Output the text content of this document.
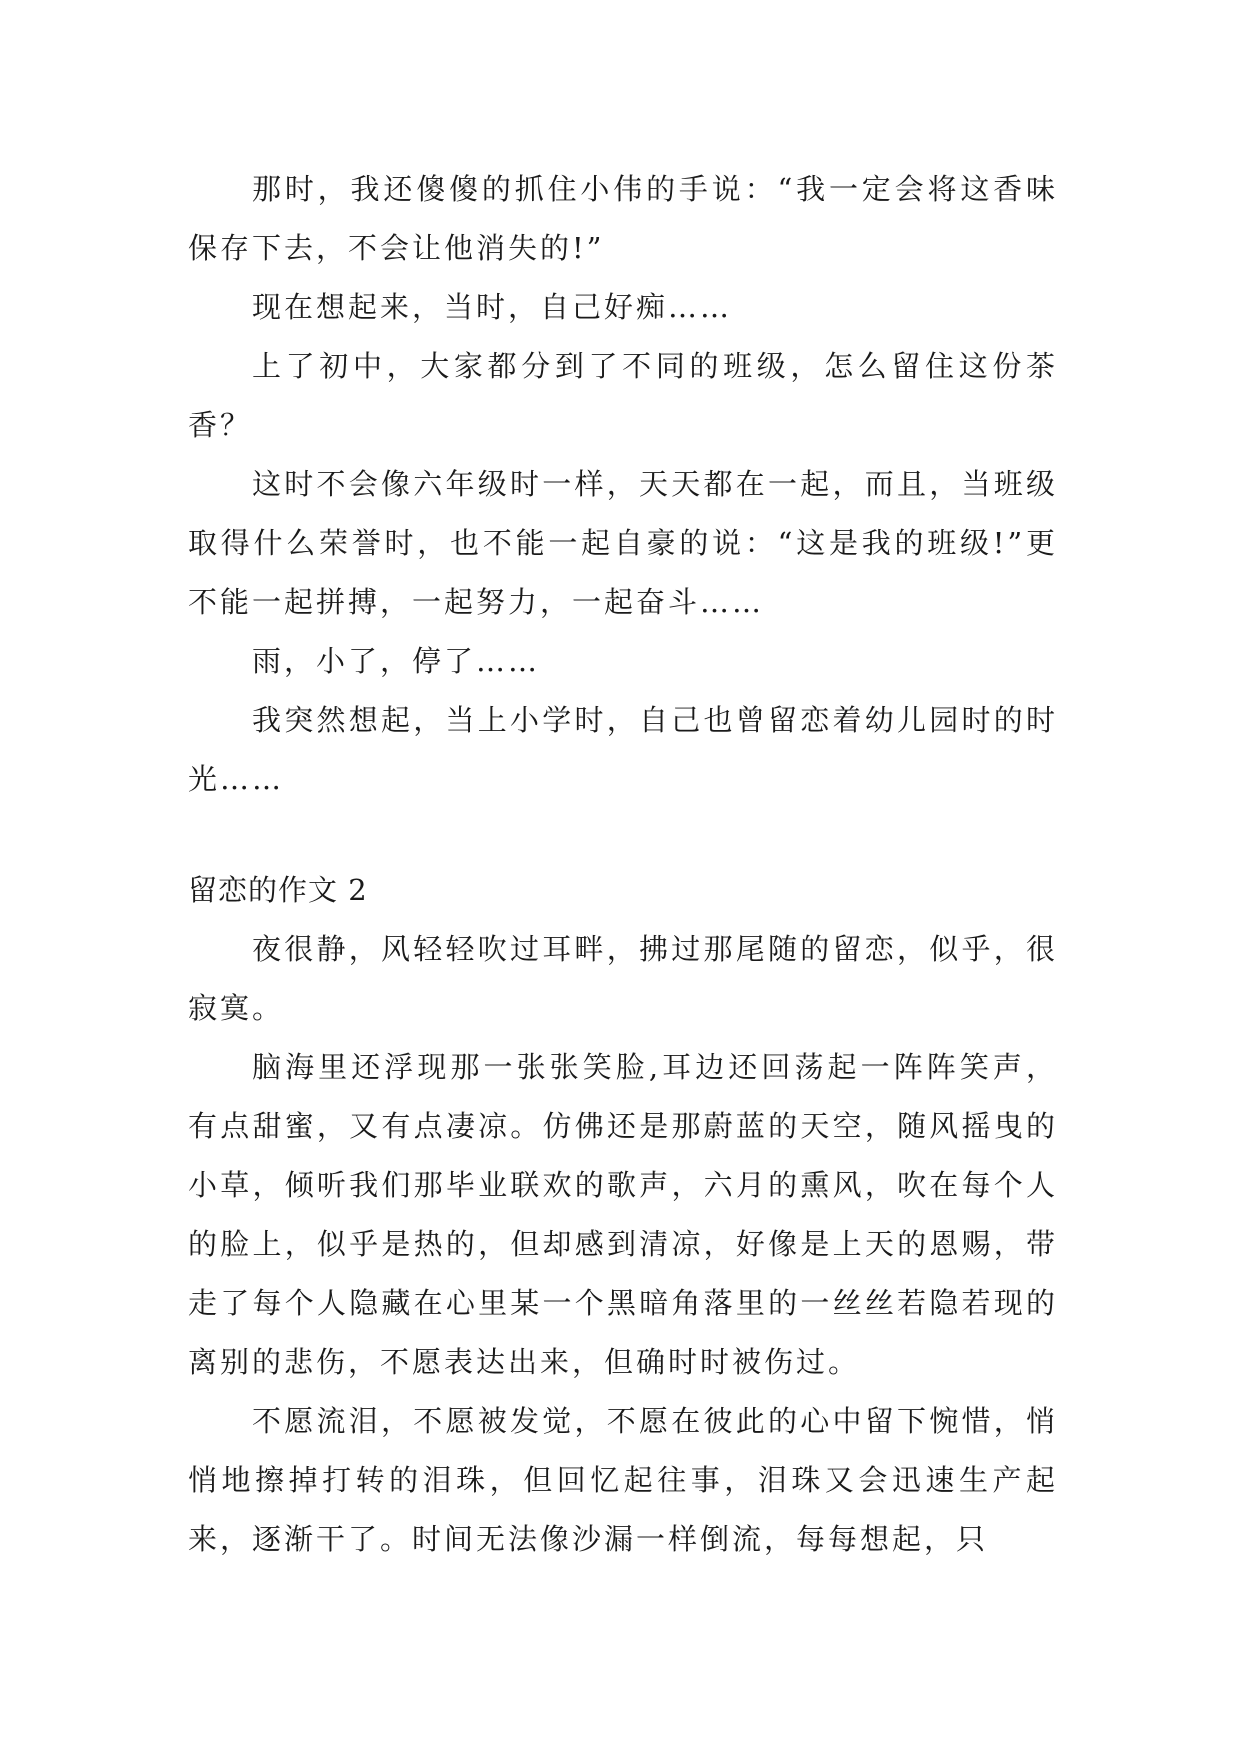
那时，我还傻傻的抓住小伟的手说：“我一定会将这香味保存下去，不会让他消失的!”

现在想起来，当时，自己好痴……

上了初中，大家都分到了不同的班级，怎么留住这份茶香？

这时不会像六年级时一样，天天都在一起，而且，当班级取得什么荣誉时，也不能一起自豪的说：“这是我的班级!”更不能一起拼搏，一起努力，一起奋斗……

雨，小了，停了……

我突然想起，当上小学时，自己也曾留恋着幼儿园时的时光……

留恋的作文 2

夜很静，风轻轻吹过耳畔，拂过那尾随的留恋，似乎，很寂寞。

脑海里还浮现那一张张笑脸,耳边还回荡起一阵阵笑声，有点甜蜜，又有点凄凉。仿佛还是那蔚蓝的天空，随风摇曳的小草，倾听我们那毕业联欢的歌声，六月的熏风，吹在每个人的脸上，似乎是热的，但却感到清凉，好像是上天的恩赐，带走了每个人隐藏在心里某一个黑暗角落里的一丝丝若隐若现的离别的悲伤，不愿表达出来，但确时时被伤过。

不愿流泪，不愿被发觉，不愿在彼此的心中留下惋惜，悄悄地擦掉打转的泪珠，但回忆起往事，泪珠又会迅速生产起来，逐渐干了。时间无法像沙漏一样倒流，每每想起，只
